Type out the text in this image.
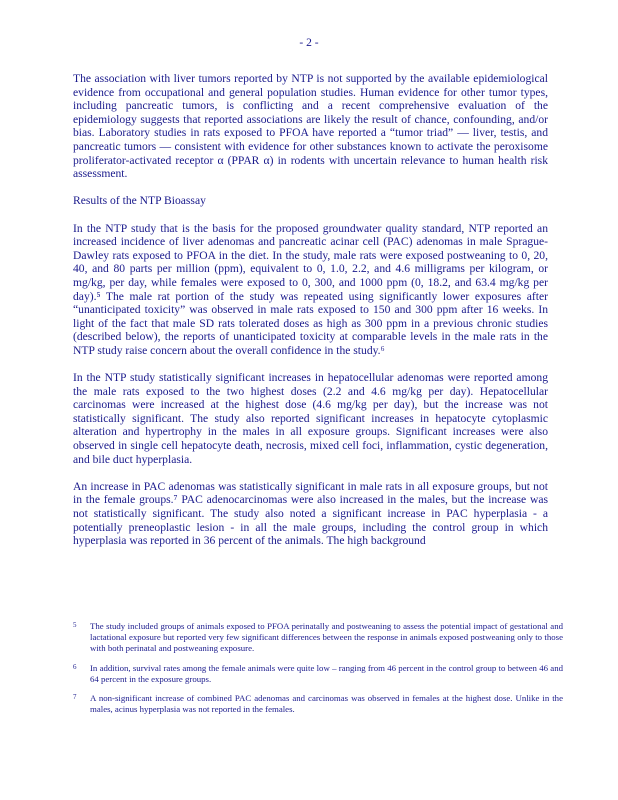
- 2 -

The association with liver tumors reported by NTP is not supported by the available epidemiological evidence from occupational and general population studies. Human evidence for other tumor types, including pancreatic tumors, is conflicting and a recent comprehensive evaluation of the epidemiology suggests that reported associations are likely the result of chance, confounding, and/or bias. Laboratory studies in rats exposed to PFOA have reported a “tumor triad” — liver, testis, and pancreatic tumors — consistent with evidence for other substances known to activate the peroxisome proliferator-activated receptor α (PPAR α) in rodents with uncertain relevance to human health risk assessment.

Results of the NTP Bioassay

In the NTP study that is the basis for the proposed groundwater quality standard, NTP reported an increased incidence of liver adenomas and pancreatic acinar cell (PAC) adenomas in male Sprague-Dawley rats exposed to PFOA in the diet. In the study, male rats were exposed postweaning to 0, 20, 40, and 80 parts per million (ppm), equivalent to 0, 1.0, 2.2, and 4.6 milligrams per kilogram, or mg/kg, per day, while females were exposed to 0, 300, and 1000 ppm (0, 18.2, and 63.4 mg/kg per day).⁵ The male rat portion of the study was repeated using significantly lower exposures after “unanticipated toxicity” was observed in male rats exposed to 150 and 300 ppm after 16 weeks. In light of the fact that male SD rats tolerated doses as high as 300 ppm in a previous chronic studies (described below), the reports of unanticipated toxicity at comparable levels in the male rats in the NTP study raise concern about the overall confidence in the study.⁶

In the NTP study statistically significant increases in hepatocellular adenomas were reported among the male rats exposed to the two highest doses (2.2 and 4.6 mg/kg per day). Hepatocellular carcinomas were increased at the highest dose (4.6 mg/kg per day), but the increase was not statistically significant. The study also reported significant increases in hepatocyte cytoplasmic alteration and hypertrophy in the males in all exposure groups. Significant increases were also observed in single cell hepatocyte death, necrosis, mixed cell foci, inflammation, cystic degeneration, and bile duct hyperplasia.

An increase in PAC adenomas was statistically significant in male rats in all exposure groups, but not in the female groups.⁷ PAC adenocarcinomas were also increased in the males, but the increase was not statistically significant. The study also noted a significant increase in PAC hyperplasia - a potentially preneoplastic lesion - in all the male groups, including the control group in which hyperplasia was reported in 36 percent of the animals. The high background

5	The study included groups of animals exposed to PFOA perinatally and postweaning to assess the potential impact of gestational and lactational exposure but reported very few significant differences between the response in animals exposed postweaning only to those with both perinatal and postweaning exposure.
6	In addition, survival rates among the female animals were quite low – ranging from 46 percent in the control group to between 46 and 64 percent in the exposure groups.
7	A non-significant increase of combined PAC adenomas and carcinomas was observed in females at the highest dose. Unlike in the males, acinus hyperplasia was not reported in the females.
